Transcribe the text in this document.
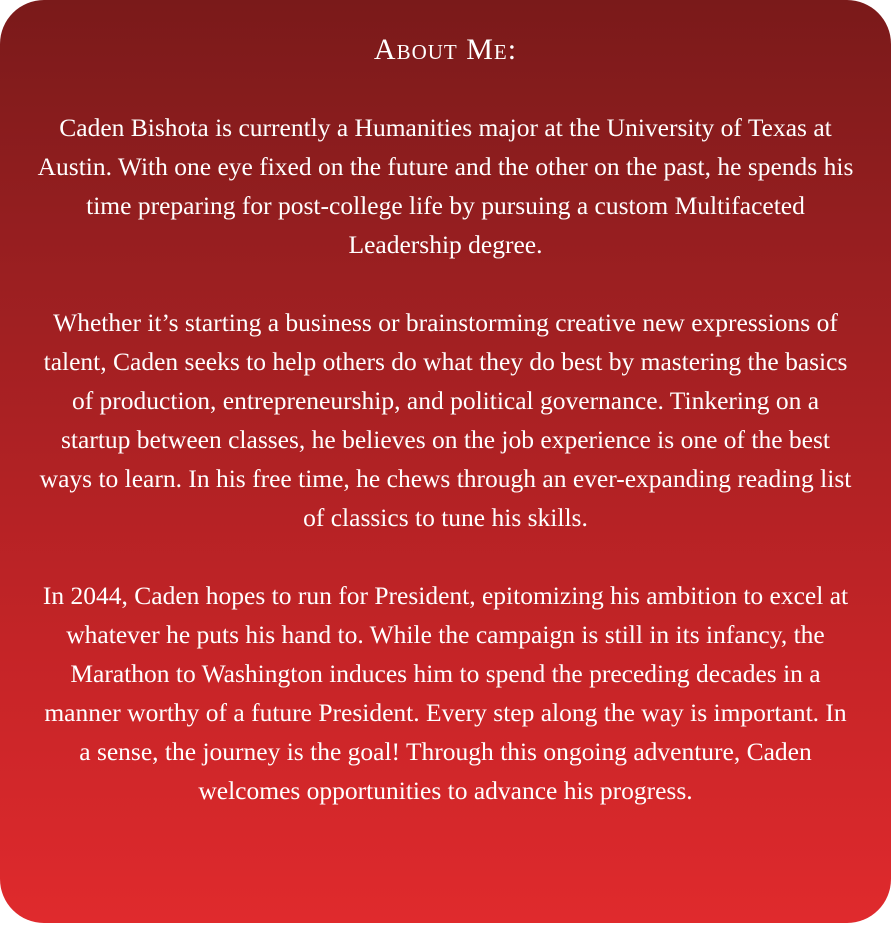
About Me:

Caden Bishota is currently a Humanities major at the University of Texas at Austin. With one eye fixed on the future and the other on the past, he spends his time preparing for post-college life by pursuing a custom Multifaceted Leadership degree.

Whether it’s starting a business or brainstorming creative new expressions of talent, Caden seeks to help others do what they do best by mastering the basics of production, entrepreneurship, and political governance. Tinkering on a startup between classes, he believes on the job experience is one of the best ways to learn. In his free time, he chews through an ever-expanding reading list of classics to tune his skills.

In 2044, Caden hopes to run for President, epitomizing his ambition to excel at whatever he puts his hand to. While the campaign is still in its infancy, the Marathon to Washington induces him to spend the preceding decades in a manner worthy of a future President. Every step along the way is important. In a sense, the journey is the goal! Through this ongoing adventure, Caden welcomes opportunities to advance his progress.
